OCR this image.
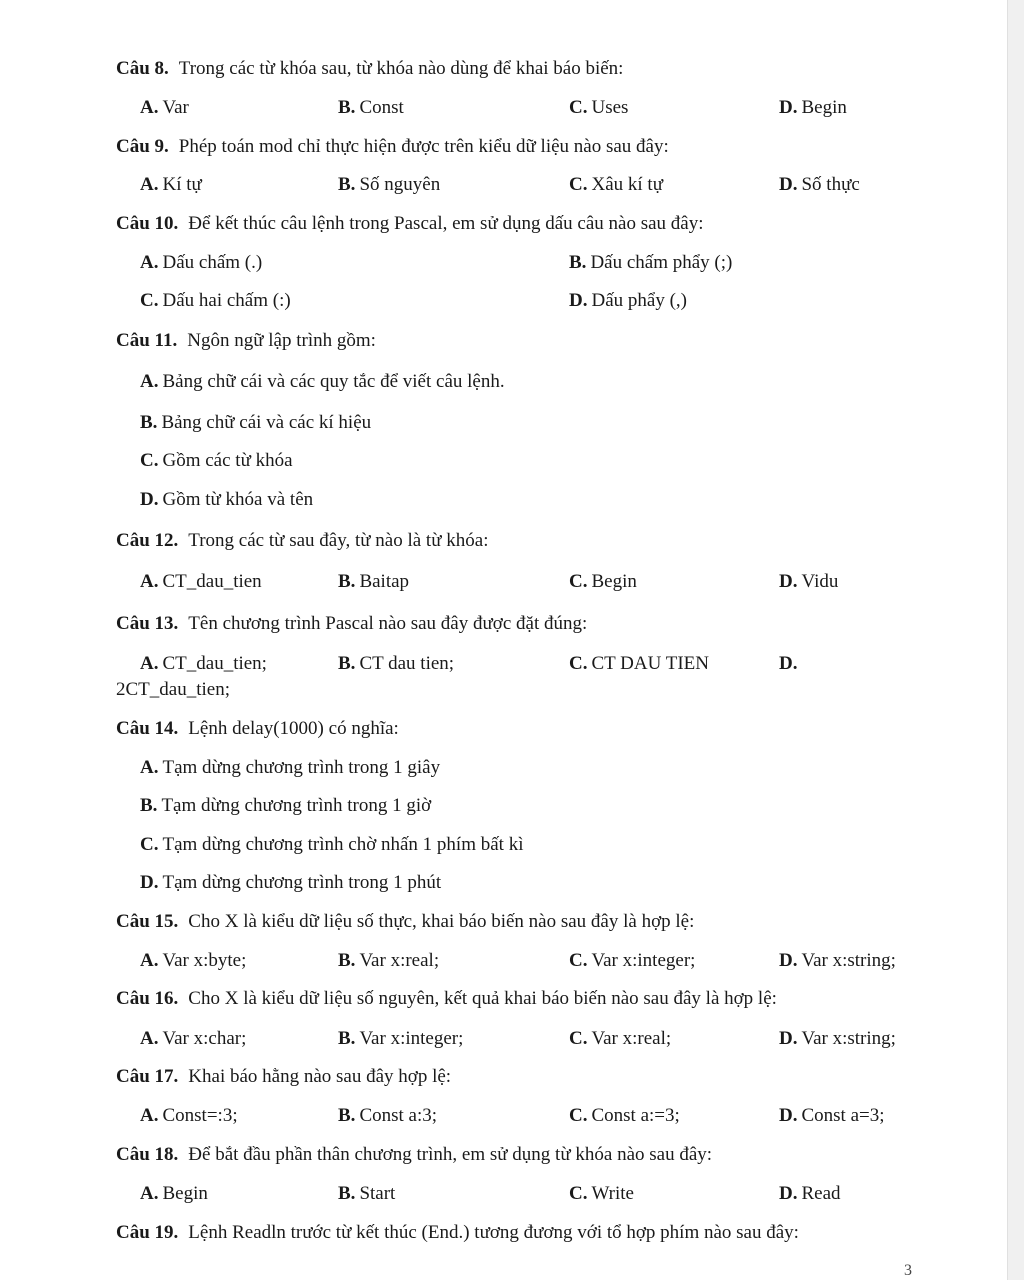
Câu 8. Trong các từ khóa sau, từ khóa nào dùng để khai báo biến:
A. Var	B. Const	C. Uses	D. Begin
Câu 9. Phép toán mod chỉ thực hiện được trên kiểu dữ liệu nào sau đây:
A. Kí tự	B. Số nguyên	C. Xâu kí tự	D. Số thực
Câu 10. Để kết thúc câu lệnh trong Pascal, em sử dụng dấu câu nào sau đây:
A. Dấu chấm (.)	B. Dấu chấm phẩy (;)
C. Dấu hai chấm (:)	D. Dấu phẩy (,)
Câu 11. Ngôn ngữ lập trình gồm:
A. Bảng chữ cái và các quy tắc để viết câu lệnh.
B. Bảng chữ cái và các kí hiệu
C. Gồm các từ khóa
D. Gồm từ khóa và tên
Câu 12. Trong các từ sau đây, từ nào là từ khóa:
A. CT_dau_tien	B. Baitap	C. Begin	D. Vidu
Câu 13. Tên chương trình Pascal nào sau đây được đặt đúng:
A. CT_dau_tien;	B. CT dau tien;	C. CT DAU TIEN	D.
2CT_dau_tien;
Câu 14. Lệnh delay(1000) có nghĩa:
A. Tạm dừng chương trình trong 1 giây
B. Tạm dừng chương trình trong 1 giờ
C. Tạm dừng chương trình chờ nhấn 1 phím bất kì
D. Tạm dừng chương trình trong 1 phút
Câu 15. Cho X là kiểu dữ liệu số thực, khai báo biến nào sau đây là hợp lệ:
A. Var x:byte;	B. Var x:real;	C. Var x:integer;	D. Var x:string;
Câu 16. Cho X là kiểu dữ liệu số nguyên, kết quả khai báo biến nào sau đây là hợp lệ:
A. Var x:char;	B. Var x:integer;	C. Var x:real;	D. Var x:string;
Câu 17. Khai báo hằng nào sau đây hợp lệ:
A. Const=:3;	B. Const a:3;	C. Const a:=3;	D. Const a=3;
Câu 18. Để bắt đầu phần thân chương trình, em sử dụng từ khóa nào sau đây:
A. Begin	B. Start	C. Write	D. Read
Câu 19. Lệnh Readln trước từ kết thúc (End.) tương đương với tổ hợp phím nào sau đây:
3
